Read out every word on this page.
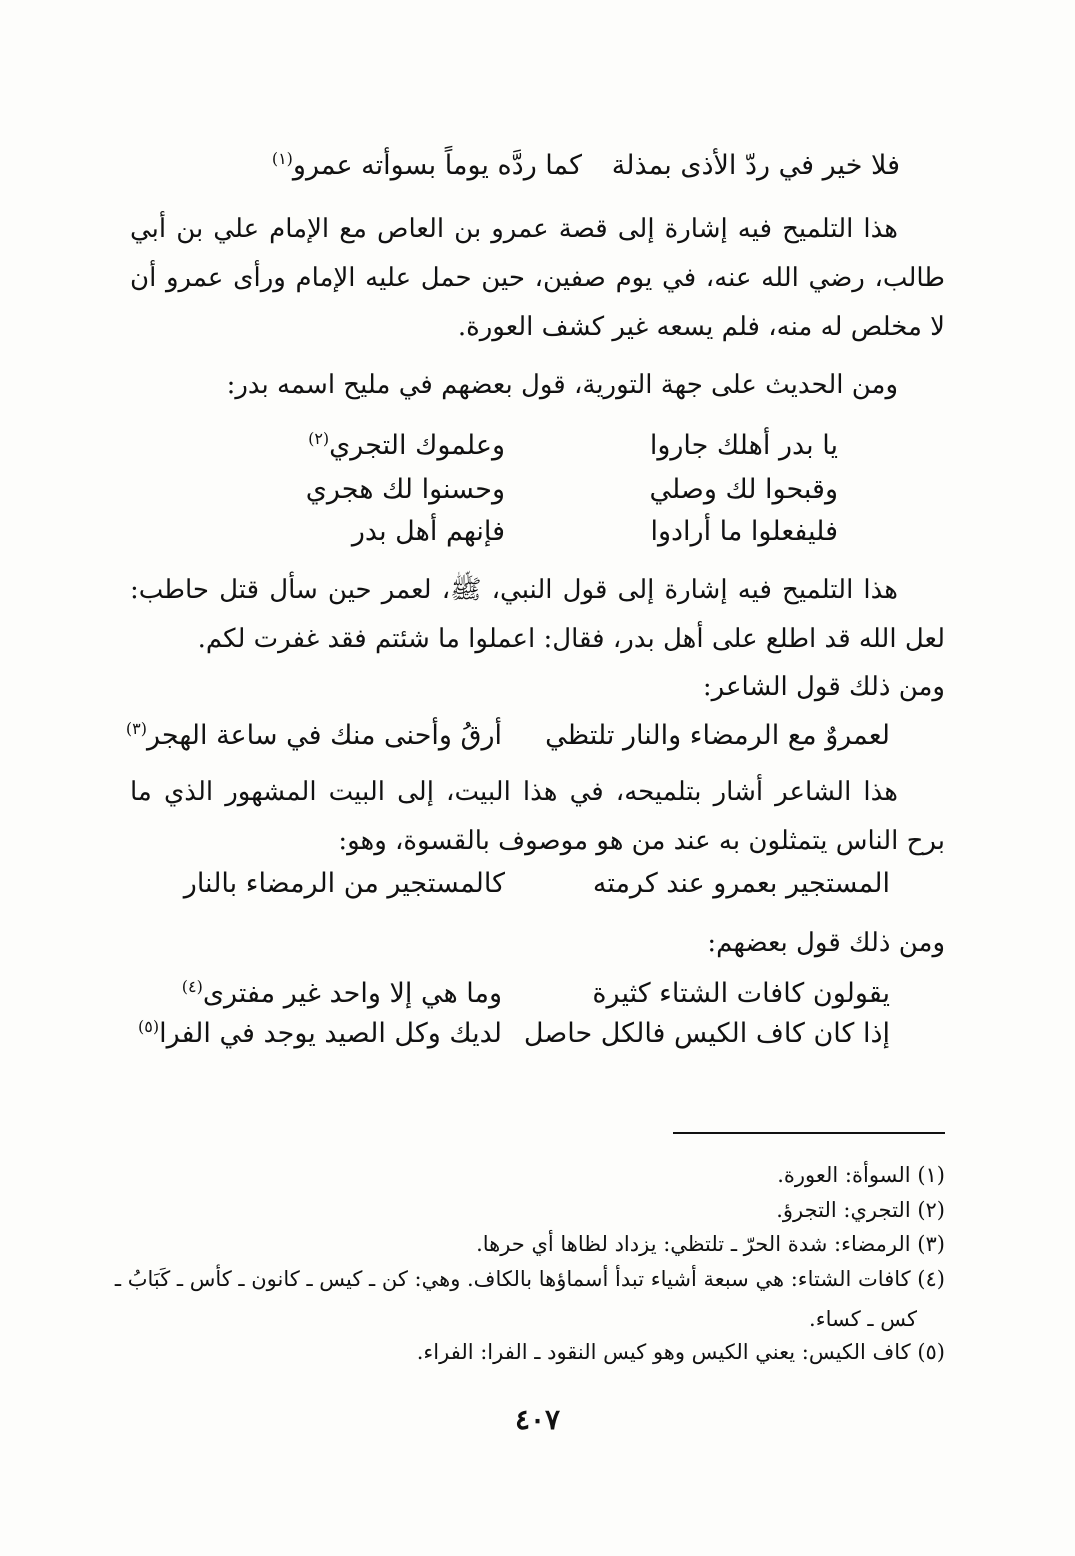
فلا خير في ردّ الأذى بمذلة
كما ردَّه يوماً بسوأته عمرو$^{(١)}$
هذا التلميح فيه إشارة إلى قصة عمرو بن العاص مع الإمام علي بن أبي طالب، رضي الله عنه، في يوم صفين، حين حمل عليه الإمام ورأى عمرو أن لا مخلص له منه، فلم يسعه غير كشف العورة.
ومن الحديث على جهة التورية، قول بعضهم في مليح اسمه بدر:
يا بدر أهلك جاروا
وعلموك التجري$^{(٢)}$
وقبحوا لك وصلي
وحسنوا لك هجري
فليفعلوا ما أرادوا
فإنهم أهل بدر
هذا التلميح فيه إشارة إلى قول النبي، ﷺ، لعمر حين سأل قتل حاطب: لعل الله قد اطلع على أهل بدر، فقال: اعملوا ما شئتم فقد غفرت لكم.
ومن ذلك قول الشاعر:
لعمروٌ مع الرمضاء والنار تلتظي
أرقُ وأحنى منك في ساعة الهجر$^{(٣)}$
هذا الشاعر أشار بتلميحه، في هذا البيت، إلى البيت المشهور الذي ما برح الناس يتمثلون به عند من هو موصوف بالقسوة، وهو:
المستجير بعمرو عند كرمته
كالمستجير من الرمضاء بالنار
ومن ذلك قول بعضهم:
يقولون كافات الشتاء كثيرة
وما هي إلا واحد غير مفترى$^{(٤)}$
إذا كان كاف الكيس فالكل حاصل
لديك وكل الصيد يوجد في الفرا$^{(٥)}$
(١) السوأة: العورة.
(٢) التجري: التجرؤ.
(٣) الرمضاء: شدة الحرّ ـ تلتظي: يزداد لظاها أي حرها.
(٤) كافات الشتاء: هي سبعة أشياء تبدأ أسماؤها بالكاف. وهي: كن ـ كيس ـ كانون ـ كأس ـ كَبَابُ ـ
كس ـ كساء.
(٥) كاف الكيس: يعني الكيس وهو كيس النقود ـ الفرا: الفراء.
٤٠٧
